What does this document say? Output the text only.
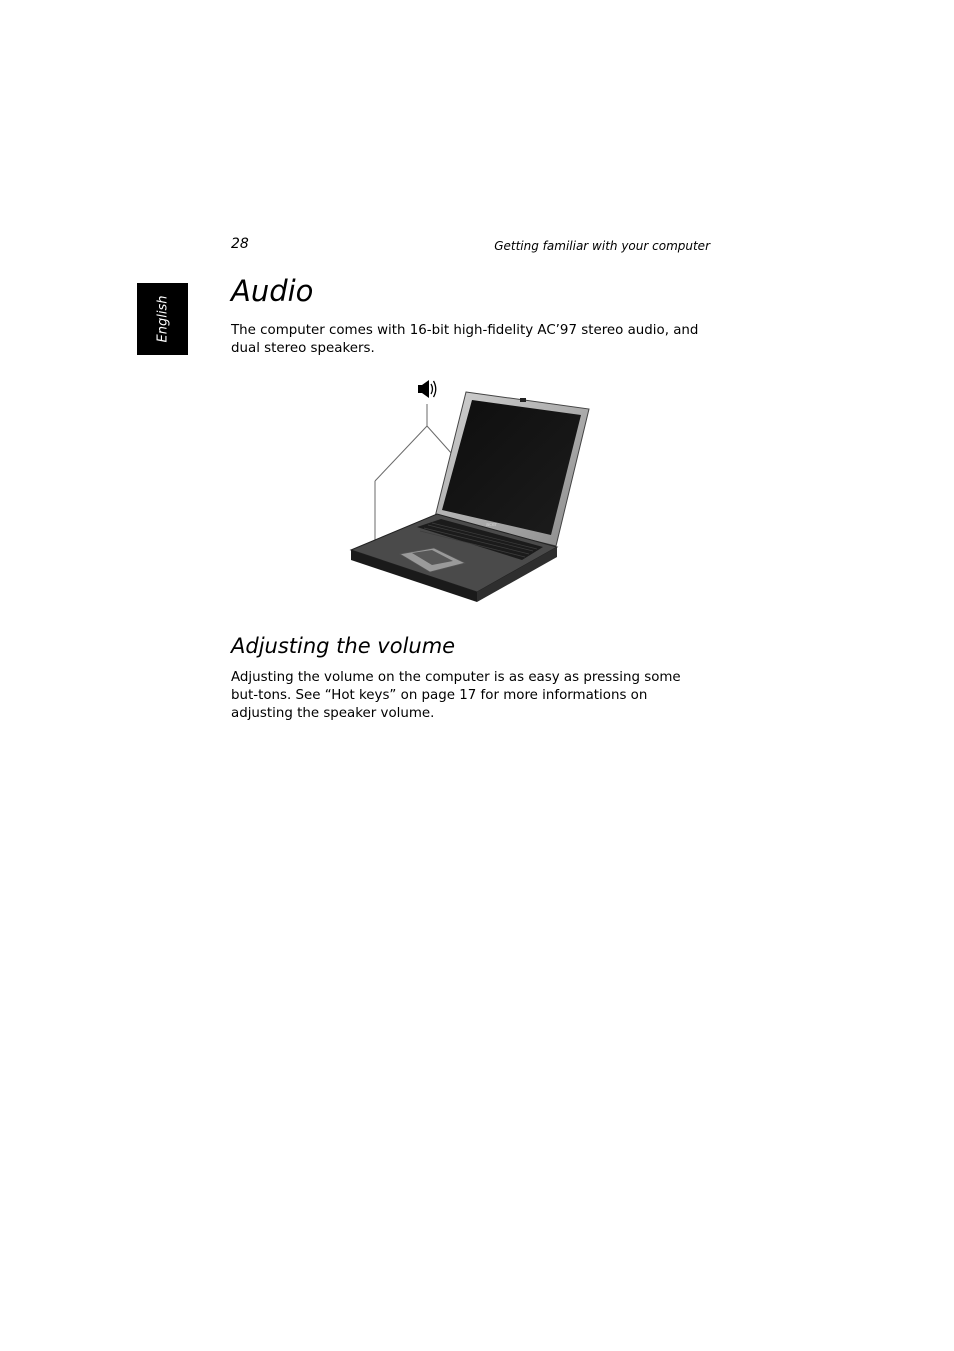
28	Getting familiar with your computer
English
Audio

The computer comes with 16-bit high-fidelity AC’97 stereo audio, and dual stereo speakers.

acer
Adjusting the volume

Adjusting the volume on the computer is as easy as pressing some but-tons. See “Hot keys” on page 17 for more informations on adjusting the speaker volume.
